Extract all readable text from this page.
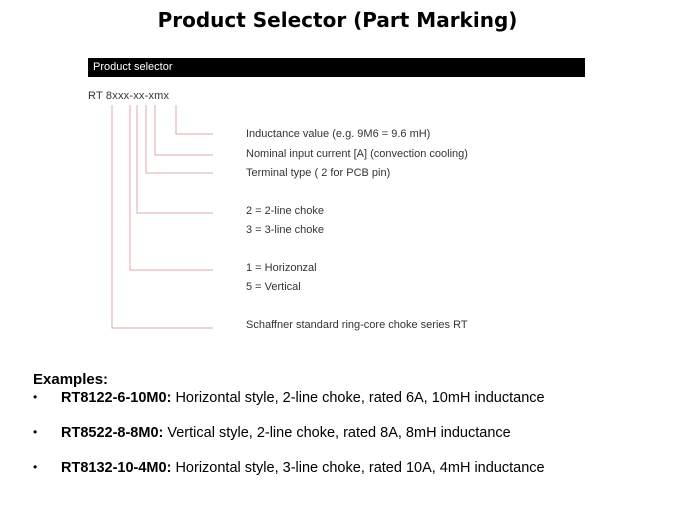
Product Selector (Part Marking)
Product selector
RT 8xxx-xx-xmx
Inductance value (e.g. 9M6 = 9.6 mH)
Nominal input current [A] (convection cooling)
Terminal type ( 2 for PCB pin)
2 = 2-line choke
3 = 3-line choke
1 = Horizonzal
5 = Vertical
Schaffner standard ring-core choke series RT
Examples:
• RT8122-6-10M0: Horizontal style, 2-line choke, rated 6A, 10mH inductance
• RT8522-8-8M0: Vertical style, 2-line choke, rated 8A, 8mH inductance
• RT8132-10-4M0: Horizontal style, 3-line choke, rated 10A, 4mH inductance
